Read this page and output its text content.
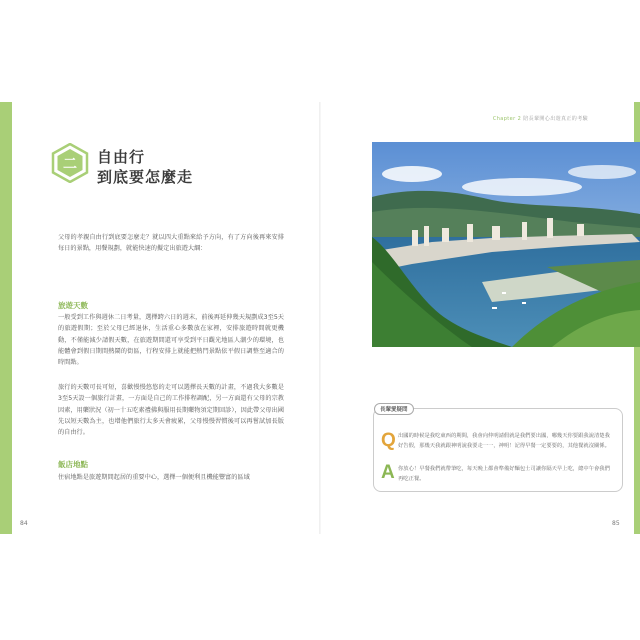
二 自由行
到底要怎麼走

父母的孝親自由行到底要怎麼走？就以四大重點來給予方向，有了方向後再來安排每日的景點，用餐規劃，就能快速的擬定出旅遊大綱：

旅遊天數

一般受到工作與週休二日考量，選擇跨六日的週末，前後再延伸幾天規劃成3至5天的旅遊假期；至於父母已經退休，生活重心多數放在家裡，安排旅遊時間就更機動，不僅能減少請假天數，在旅遊期間還可享受到平日觀光地區人潮少的環境，也能體會到假日期間熱鬧的街區，行程安排上就能把熱門景點依平假日調整至適合的時間點。

旅行的天數可長可短，喜歡慢慢悠悠的走可以選擇長天數的計畫，不過我大多數是3至5天設一個旅行計畫，一方面是自己的工作排程調配，另一方面還有父母的宗教因素，用藥狀況（初一十五吃素禮佛與服用長期藥物須定期回診），因此帶父母出國先以短天數為主，也增他們旅行太多天會疲累，父母慢慢習慣後可以再嘗試加長版的自由行。

飯店地點

住宿地點是旅遊期間起居的重要中心，選擇一個便利且機能豐富的區域

84
Chapter 2 陪長輩開心出遊真正的考驗
長輩愛疑問
Q 出國的時候是我吃東西的期間，我會向仲明請假就是我們要出國，哪幾天你要跟我說清楚我好告假，那幾天我就跟神明說我要走一一，神明！記得早餐一定要要的，其他餐就沒關係。

A 你放心！早餐我們就帶筆吃，每天晚上都會準備好麵包士司讓你隔天早上吃，總中午會我們再吃正餐。

85
